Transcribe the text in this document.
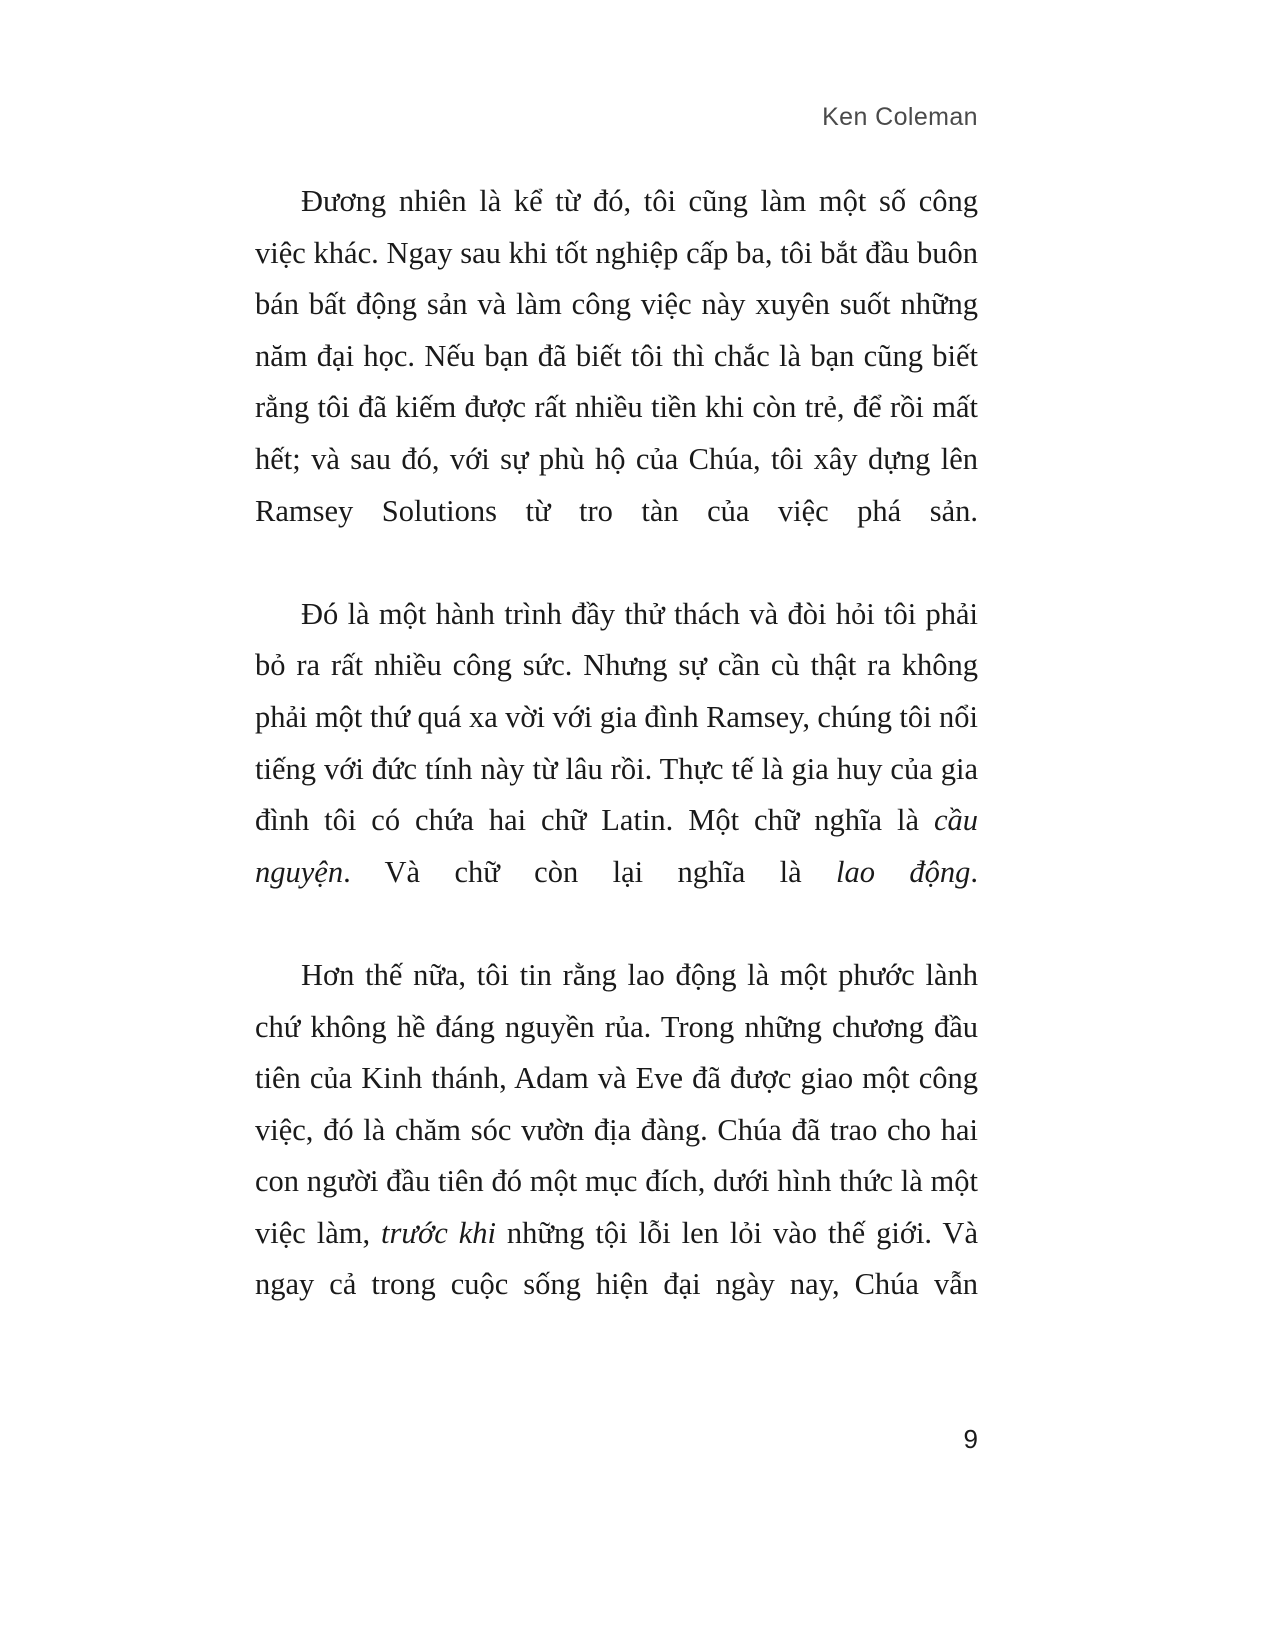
Ken Coleman

Đương nhiên là kể từ đó, tôi cũng làm một số công việc khác. Ngay sau khi tốt nghiệp cấp ba, tôi bắt đầu buôn bán bất động sản và làm công việc này xuyên suốt những năm đại học. Nếu bạn đã biết tôi thì chắc là bạn cũng biết rằng tôi đã kiếm được rất nhiều tiền khi còn trẻ, để rồi mất hết; và sau đó, với sự phù hộ của Chúa, tôi xây dựng lên Ramsey Solutions từ tro tàn của việc phá sản.

Đó là một hành trình đầy thử thách và đòi hỏi tôi phải bỏ ra rất nhiều công sức. Nhưng sự cần cù thật ra không phải một thứ quá xa vời với gia đình Ramsey, chúng tôi nổi tiếng với đức tính này từ lâu rồi. Thực tế là gia huy của gia đình tôi có chứa hai chữ Latin. Một chữ nghĩa là cầu nguyện. Và chữ còn lại nghĩa là lao động.

Hơn thế nữa, tôi tin rằng lao động là một phước lành chứ không hề đáng nguyền rủa. Trong những chương đầu tiên của Kinh thánh, Adam và Eve đã được giao một công việc, đó là chăm sóc vườn địa đàng. Chúa đã trao cho hai con người đầu tiên đó một mục đích, dưới hình thức là một việc làm, trước khi những tội lỗi len lỏi vào thế giới. Và ngay cả trong cuộc sống hiện đại ngày nay, Chúa vẫn

9
